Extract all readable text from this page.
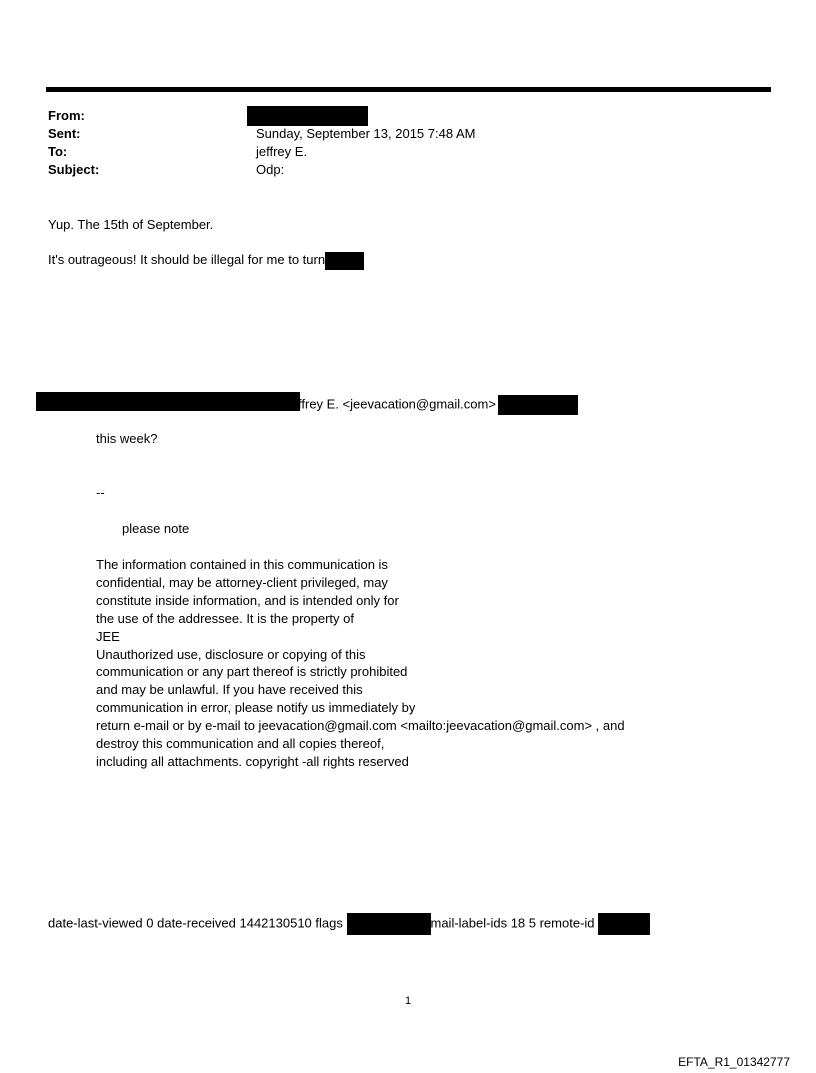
From:
Sent:	Sunday, September 13, 2015 7:48 AM
To:	jeffrey E.
Subject:	Odp:
Yup. The 15th of September.
It's outrageous! It should be illegal for me to turn
ffrey E. <jeevacation@gmail.com>
this week?
--
please note
The information contained in this communication is
confidential, may be attorney-client privileged, may
constitute inside information, and is intended only for
the use of the addressee. It is the property of
JEE
Unauthorized use, disclosure or copying of this
communication or any part thereof is strictly prohibited
and may be unlawful. If you have received this
communication in error, please notify us immediately by
return e-mail or by e-mail to jeevacation@gmail.com <mailto:jeevacation@gmail.com> , and
destroy this communication and all copies thereof,
including all attachments. copyright -all rights reserved
date-last-viewed 0 date-received 1442130510 flags	mail-label-ids 18 5 remote-id
1
EFTA_R1_01342777
